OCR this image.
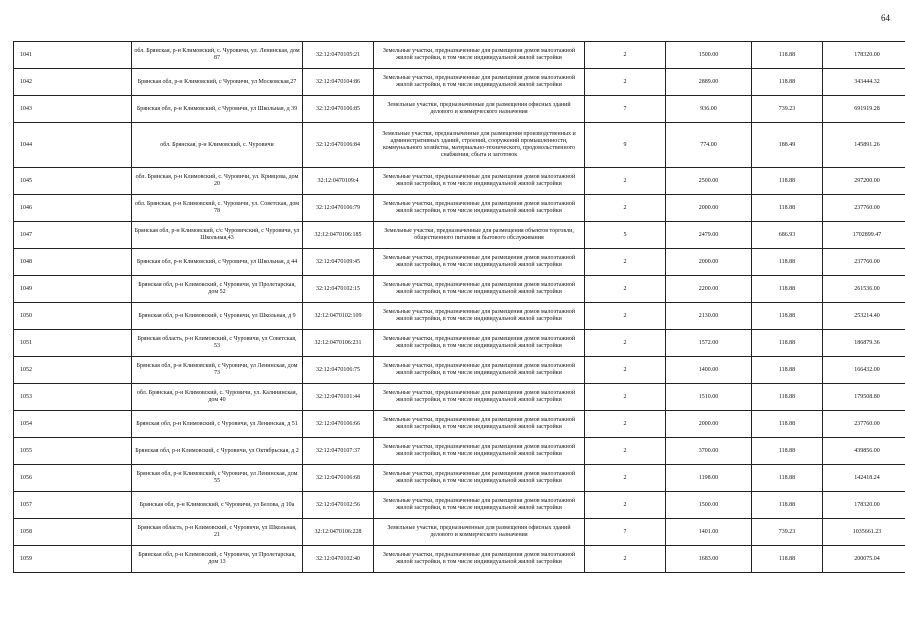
64
1041	обл. Брянская, р-н Климовский, с. Чуровичи, ул. Ленинская, дом 87	32:12:0470105:21	Земельные участки, предназначенные для размещения домов малоэтажной жилой застройки, в том числе индивидуальной жилой застройки	2	1500.00	118.88	178320.00
1042	Брянская обл, р-н Климовский, с Чуровичи, ул Московская,27	32:12:0470104:86	Земельные участки, предназначенные для размещения домов малоэтажной жилой застройки, в том числе индивидуальной жилой застройки	2	2889.00	118.88	343444.32
1043	Брянская обл, р-н Климовский, с Чуровичи, ул Школьная, д 39	32:12:0470106:85	Земельные участки, предназначенные для размещения офисных зданий делового и коммерческого назначения	7	936.00	739.23	691919.28
1044	обл. Брянская, р-н Климовский, с. Чуровичи	32:12:0470106:84	Земельные участки, предназначенные для размещения производственных и административных зданий, строений, сооружений промышленности, коммунального хозяйства, материально-технического, продовольственного снабжения, сбыта и заготовок	9	774.00	188.49	145891.26
1045	обл. Брянская, р-н Климовский, с. Чуровичи, ул. Кривцова, дом 20	32:12:0470109:4	Земельные участки, предназначенные для размещения домов малоэтажной жилой застройки, в том числе индивидуальной жилой застройки	2	2500.00	118.88	297200.00
1046	обл. Брянская, р-н Климовский, с. Чуровичи, ул. Советская, дом 78	32:12:0470106:79	Земельные участки, предназначенные для размещения домов малоэтажной жилой застройки, в том числе индивидуальной жилой застройки	2	2000.00	118.88	237760.00
1047	Брянская обл, р-н Климовский, с/с Чуровичский, с Чуровичи, ул Школьная,43	32:12:0470106:185	Земельные участки, предназначенные для размещения объектов торговли, общественного питания и бытового обслуживания	5	2479.00	686.93	1702899.47
1048	Брянская обл, р-н Климовский, с Чуровичи, ул Школьная, д 44	32:12:0470109:45	Земельные участки, предназначенные для размещения домов малоэтажной жилой застройки, в том числе индивидуальной жилой застройки	2	2000.00	118.88	237760.00
1049	Брянская обл, р-н Климовский, с Чуровичи, ул Пролетарская, дом 52	32:12:0470102:15	Земельные участки, предназначенные для размещения домов малоэтажной жилой застройки, в том числе индивидуальной жилой застройки	2	2200.00	118.88	261536.00
1050	Брянская обл, р-н Климовский, с Чуровичи, ул Школьная, д 9	32:12:0470102:109	Земельные участки, предназначенные для размещения домов малоэтажной жилой застройки, в том числе индивидуальной жилой застройки	2	2130.00	118.88	253214.40
1051	Брянская область, р-н Климовский, с Чуровичи, ул Советская, 53	32:12:0470106:231	Земельные участки, предназначенные для размещения домов малоэтажной жилой застройки, в том числе индивидуальной жилой застройки	2	1572.00	118.88	186879.36
1052	Брянская обл, р-н Климовский, с Чуровичи, ул Ленинская, дом 73	32:12:0470106:75	Земельные участки, предназначенные для размещения домов малоэтажной жилой застройки, в том числе индивидуальной жилой застройки	2	1400.00	118.88	166432.00
1053	обл. Брянская, р-н Климовский, с. Чуровичи, ул. Калининская, дом 40	32:12:0470101:44	Земельные участки, предназначенные для размещения домов малоэтажной жилой застройки, в том числе индивидуальной жилой застройки	2	1510.00	118.88	179508.80
1054	Брянская обл, р-н Климовский, с Чуровичи, ул Ленинская, д 51	32:12:0470106:66	Земельные участки, предназначенные для размещения домов малоэтажной жилой застройки, в том числе индивидуальной жилой застройки	2	2000.00	118.88	237760.00
1055	Брянская обл, р-н Климовский, с Чуровичи, ул Октябрьская, д 2	32:12:0470107:37	Земельные участки, предназначенные для размещения домов малоэтажной жилой застройки, в том числе индивидуальной жилой застройки	2	3700.00	118.88	439856.00
1056	Брянская обл, р-н Климовский, с Чуровичи, ул Ленинская, дом 55	32:12:0470106:68	Земельные участки, предназначенные для размещения домов малоэтажной жилой застройки, в том числе индивидуальной жилой застройки	2	1198.00	118.88	142418.24
1057	Брянская обл, р-н Климовский, с Чуровичи, ул Белова, д 10а	32:12:0470102:56	Земельные участки, предназначенные для размещения домов малоэтажной жилой застройки, в том числе индивидуальной жилой застройки	2	1500.00	118.88	178320.00
1058	Брянская область, р-н Климовский, с Чуровичи, ул Школьная, 21	32:12:0470106:228	Земельные участки, предназначенные для размещения офисных зданий делового и коммерческого назначения	7	1401.00	739.23	1035661.23
1059	Брянская обл, р-н Климовский, с Чуровичи, ул Пролетарская, дом 13	32:12:0470102:40	Земельные участки, предназначенные для размещения домов малоэтажной жилой застройки, в том числе индивидуальной жилой застройки	2	1683.00	118.88	200075.04
